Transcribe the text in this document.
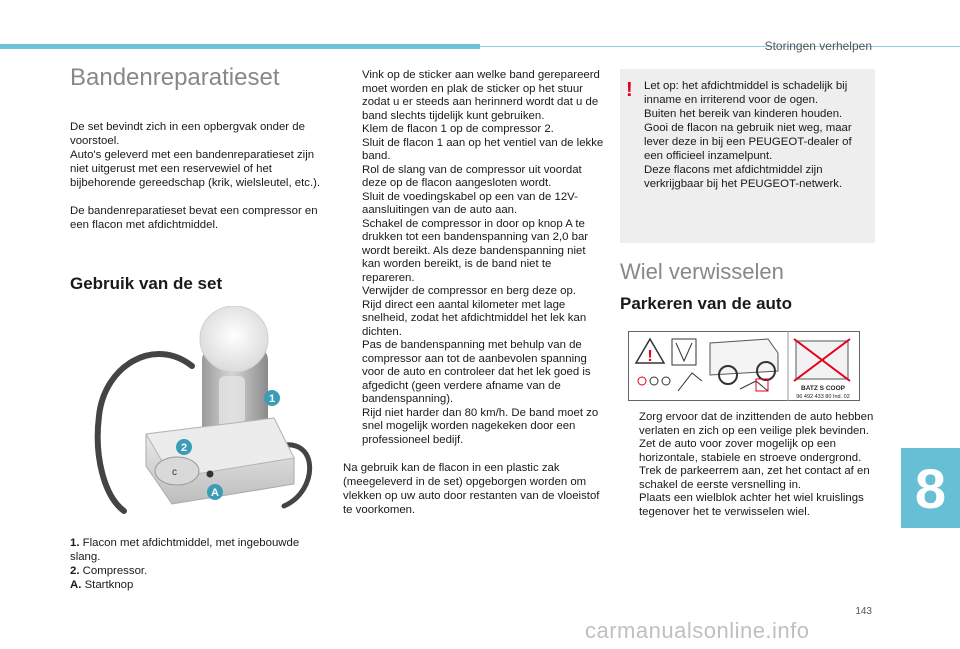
Storingen verhelpen
Bandenreparatieset

De set bevindt zich in een opbergvak onder de voorstoel.
Auto's geleverd met een bandenreparatieset zijn niet uitgerust met een reservewiel of het bijbehorende gereedschap (krik, wielsleutel, etc.).

De bandenreparatieset bevat een compressor en een flacon met afdichtmiddel.

Gebruik van de set
c
1
2
A

1. Flacon met afdichtmiddel, met ingebouwde slang.

2. Compressor.

A. Startknop

Vink op de sticker aan welke band gerepareerd moet worden en plak de sticker op het stuur zodat u er steeds aan herinnerd wordt dat u de band slechts tijdelijk kunt gebruiken.
Klem de flacon 1 op de compressor 2.
Sluit de flacon 1 aan op het ventiel van de lekke band.
Rol de slang van de compressor uit voordat deze op de flacon aangesloten wordt.
Sluit de voedingskabel op een van de 12V-aansluitingen van de auto aan.
Schakel de compressor in door op knop A te drukken tot een bandenspanning van 2,0 bar wordt bereikt. Als deze bandenspanning niet kan worden bereikt, is de band niet te repareren.
Verwijder de compressor en berg deze op.
Rijd direct een aantal kilometer met lage snelheid, zodat het afdichtmiddel het lek kan dichten.
Pas de bandenspanning met behulp van de compressor aan tot de aanbevolen spanning voor de auto en controleer dat het lek goed is afgedicht (geen verdere afname van de bandenspanning).
Rijd niet harder dan 80 km/h. De band moet zo snel mogelijk worden nagekeken door een professioneel bedijf.

Na gebruik kan de flacon in een plastic zak (meegeleverd in de set) opgeborgen worden om vlekken op uw auto door restanten van de vloeistof te voorkomen.

! Let op: het afdichtmiddel is schadelijk bij inname en irriterend voor de ogen.
Buiten het bereik van kinderen houden.
Gooi de flacon na gebruik niet weg, maar lever deze in bij een PEUGEOT-dealer of een officieel inzamelpunt.
Deze flacons met afdichtmiddel zijn verkrijgbaar bij het PEUGEOT-netwerk.

Wiel verwisselen
Parkeren van de auto
!
BATZ S COOP
96 492 433 80 Ind. 02
Zorg ervoor dat de inzittenden de auto hebben verlaten en zich op een veilige plek bevinden.
Zet de auto voor zover mogelijk op een horizontale, stabiele en stroeve ondergrond.
Trek de parkeerrem aan, zet het contact af en schakel de eerste versnelling in.
Plaats een wielblok achter het wiel kruislings tegenover het te verwisselen wiel.	8
143
carmanualsonline.info
